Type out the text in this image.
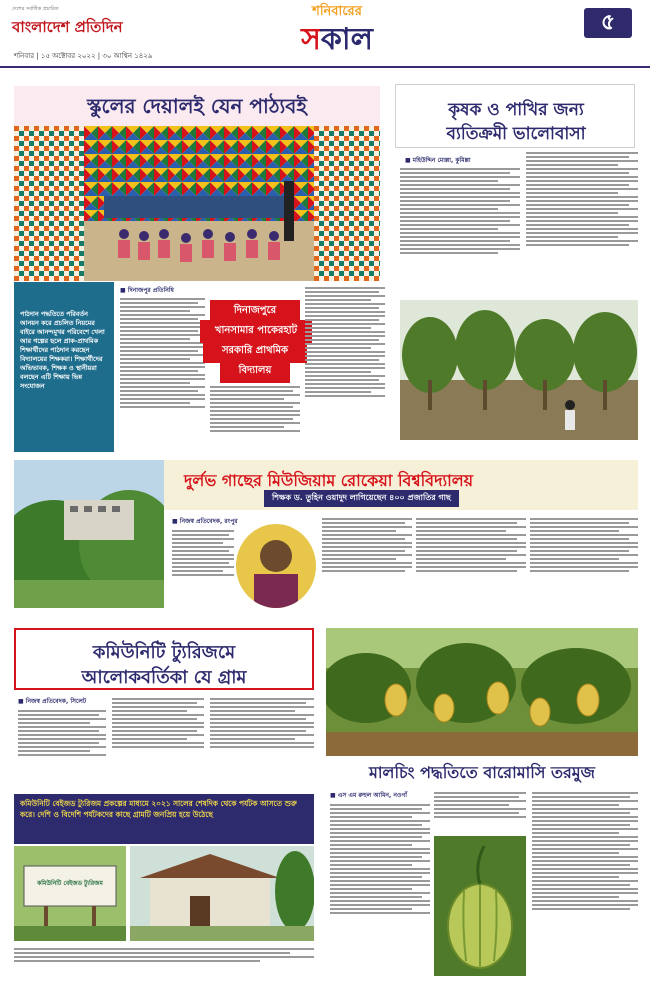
দেশের সর্বাধিক প্রচারিত
বাংলাদেশ প্রতিদিন
শনিবার | ১৫ অক্টোবর ২০২২ | ৩০ আশ্বিন ১৪২৯
শনিবারের
সকাল	৫
স্কুলের দেয়ালই যেন পাঠ্যবই
পাঠদান পদ্ধতিতে পরিবর্তন আনয়ন করে প্রচলিত নিয়মের বাইরে আনন্দমুখর পরিবেশে খেলা আর গল্পের ছলে প্রাক-প্রাথমিক শিক্ষার্থীদের পাঠদান করছেন বিদ্যালয়ের শিক্ষকরা। শিক্ষার্থীদের অভিভাবক, শিক্ষক ও স্থানীয়রা বলছেন এটি শিক্ষায় ভিন্ন সংযোজন
■ দিনাজপুর প্রতিনিধি
দিনাজপুরে
খানসামার পাকেরহাট
সরকারি প্রাথমিক
বিদ্যালয়
কৃষক ও পাখির জন্য
ব্যতিক্রমী ভালোবাসা
■ মহিউদ্দিন মোল্লা, কুমিল্লা
দুর্লভ গাছের মিউজিয়াম রোকেয়া বিশ্ববিদ্যালয়
শিক্ষক ড. তুহিন ওয়াদুদ লাগিয়েছেন ৪০০ প্রজাতির গাছ
■ নিজস্ব প্রতিবেদক, রংপুর
কমিউনিটি ট্যুরিজমে
আলোকবর্তিকা যে গ্রাম
■ নিজস্ব প্রতিবেদক, সিলেট
কমিউনিটি বেইজড ট্যুরিজম প্রকল্পের মাধ্যমে ২০২১ সালের শেষদিক থেকে পর্যটক আসতে শুরু করে। দেশি ও বিদেশি পর্যটকদের কাছে গ্রামটি জনপ্রিয় হয়ে উঠেছে
কমিউনিটি বেইজড ট্যুরিজম
মালচিং পদ্ধতিতে বারোমাসি তরমুজ
■ এস এম রুহুল আমিন, নওগাঁ
